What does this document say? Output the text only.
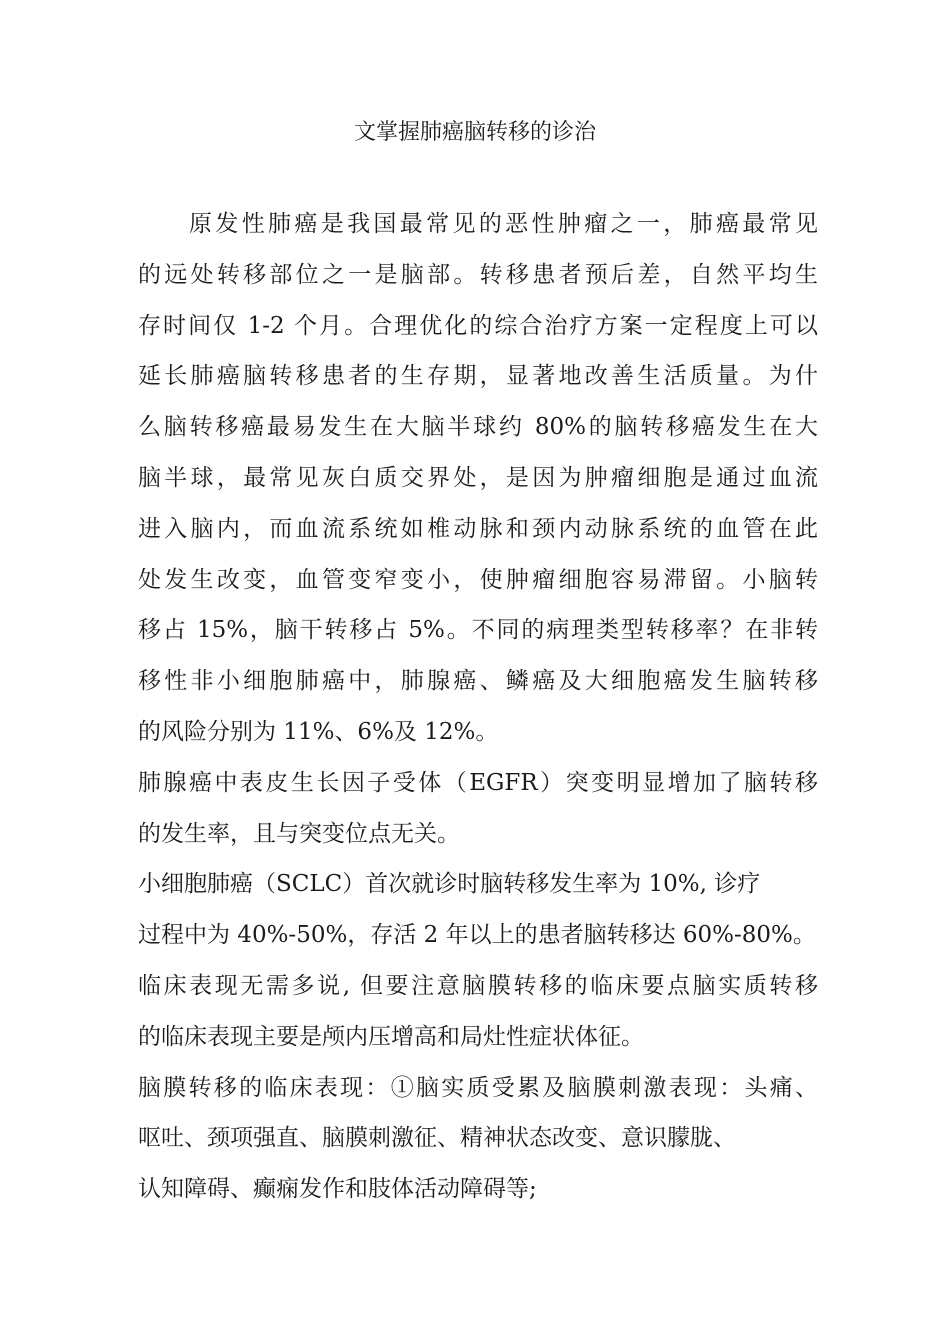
文掌握肺癌脑转移的诊治
原发性肺癌是我国最常见的恶性肿瘤之一，肺癌最常见
的远处转移部位之一是脑部。转移患者预后差，自然平均生
存时间仅 1-2 个月。合理优化的综合治疗方案一定程度上可以
延长肺癌脑转移患者的生存期，显著地改善生活质量。为什
么脑转移癌最易发生在大脑半球约 80%的脑转移癌发生在大
脑半球，最常见灰白质交界处，是因为肿瘤细胞是通过血流
进入脑内，而血流系统如椎动脉和颈内动脉系统的血管在此
处发生改变，血管变窄变小，使肿瘤细胞容易滞留。小脑转
移占 15%，脑干转移占 5%。不同的病理类型转移率？在非转
移性非小细胞肺癌中，肺腺癌、鳞癌及大细胞癌发生脑转移
的风险分别为 11%、6%及 12%。
肺腺癌中表皮生长因子受体（EGFR）突变明显增加了脑转移
的发生率，且与突变位点无关。
小细胞肺癌（SCLC）首次就诊时脑转移发生率为 10%, 诊疗
过程中为 40%-50%，存活 2 年以上的患者脑转移达 60%-80%。
临床表现无需多说, 但要注意脑膜转移的临床要点脑实质转移
的临床表现主要是颅内压增高和局灶性症状体征。
脑膜转移的临床表现：①脑实质受累及脑膜刺激表现：头痛、
呕吐、颈项强直、脑膜刺激征、精神状态改变、意识朦胧、
认知障碍、癫痫发作和肢体活动障碍等;
